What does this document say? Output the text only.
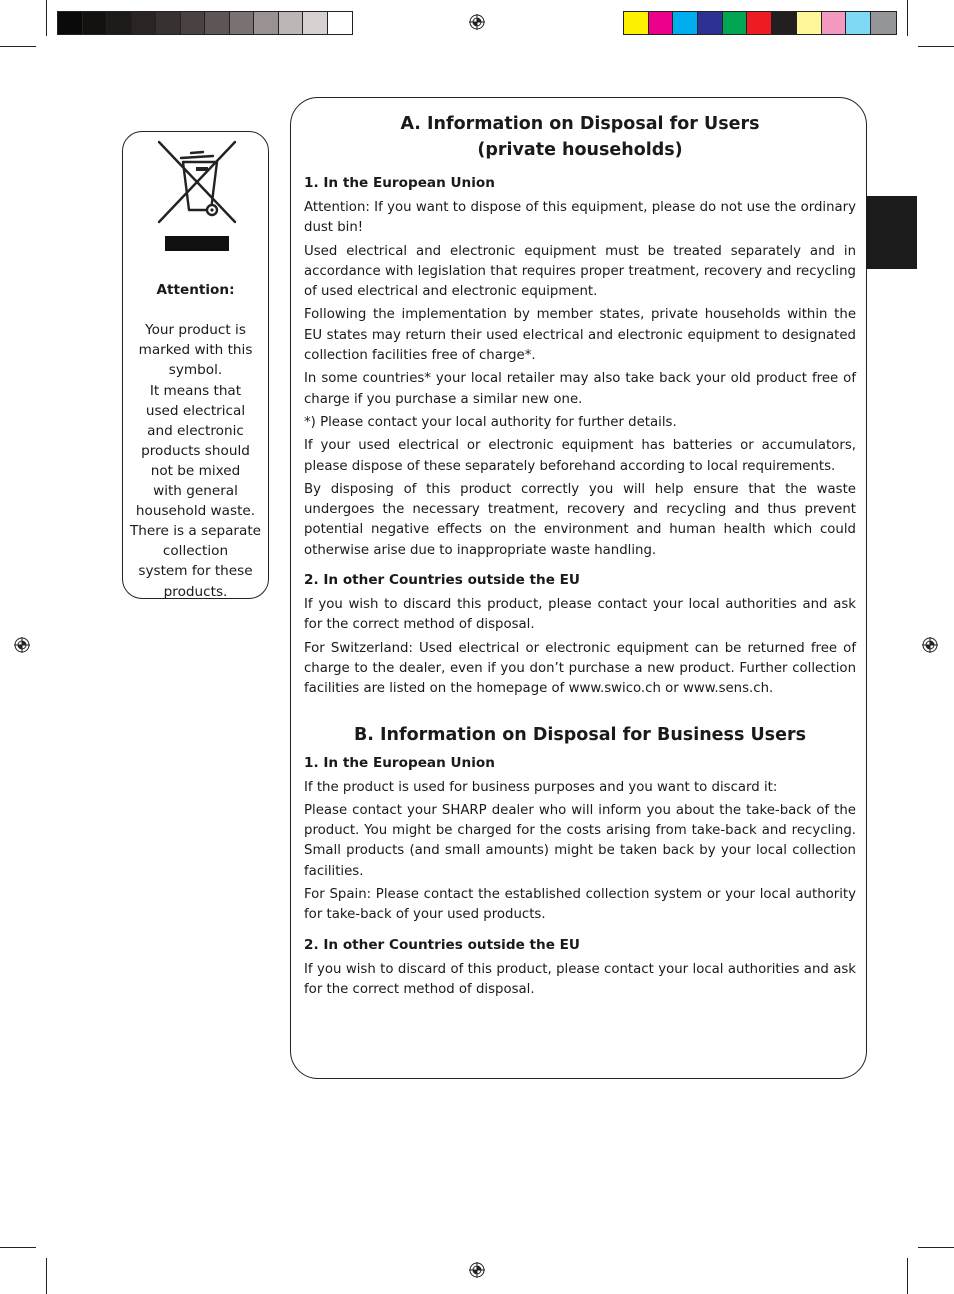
Attention:

Your product is
marked with this
symbol.
It means that
used electrical
and electronic
products should
not be mixed
with general
household waste.
There is a separate
collection
system for these
products.

A. Information on Disposal for Users

(private households)

1. In the European Union

Attention: If you want to dispose of this equipment, please do not use the ordinary dust bin!

Used electrical and electronic equipment must be treated separately and in accordance with legislation that requires proper treatment, recovery and recycling of used electrical and electronic equipment.

Following the implementation by member states, private households within the EU states may return their used electrical and electronic equipment to designated collection facilities free of charge*.

In some countries* your local retailer may also take back your old product free of charge if you purchase a similar new one.

*) Please contact your local authority for further details.

If your used electrical or electronic equipment has batteries or accumulators, please dispose of these separately beforehand according to local requirements.

By disposing of this product correctly you will help ensure that the waste undergoes the necessary treatment, recovery and recycling and thus prevent potential negative effects on the environment and human health which could otherwise arise due to inappropriate waste handling.

2. In other Countries outside the EU

If you wish to discard this product, please contact your local authorities and ask for the correct method of disposal.

For Switzerland: Used electrical or electronic equipment can be returned free of charge to the dealer, even if you don’t purchase a new product. Further collection facilities are listed on the homepage of www.swico.ch or www.sens.ch.

B. Information on Disposal for Business Users

1. In the European Union

If the product is used for business purposes and you want to discard it:

Please contact your SHARP dealer who will inform you about the take-back of the product. You might be charged for the costs arising from take-back and recycling. Small products (and small amounts) might be taken back by your local collection facilities.

For Spain: Please contact the established collection system or your local authority for take-back of your used products.

2. In other Countries outside the EU

If you wish to discard of this product, please contact your local authorities and ask for the correct method of disposal.
